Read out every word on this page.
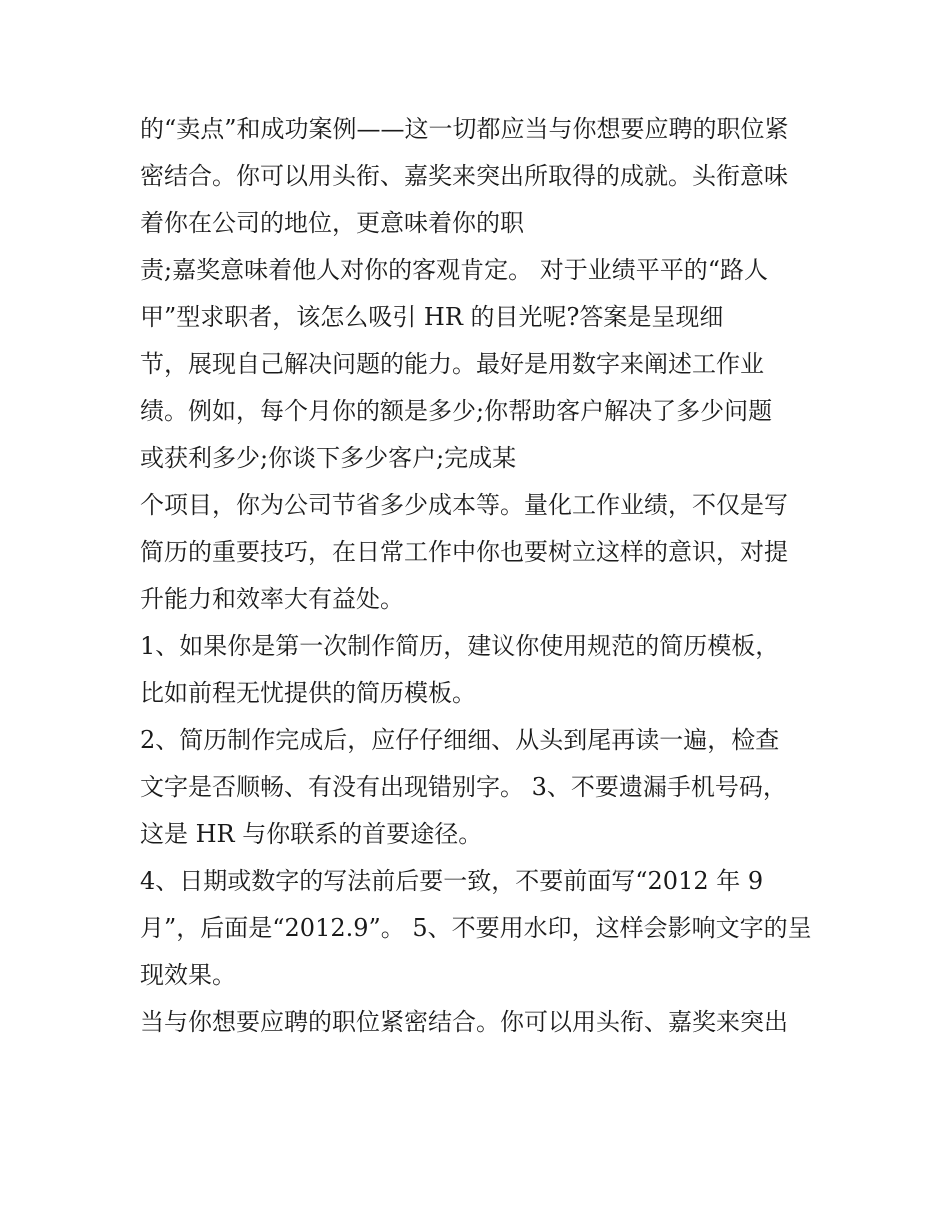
的“卖点”和成功案例——这一切都应当与你想要应聘的职位紧
密结合。你可以用头衔、嘉奖来突出所取得的成就。头衔意味
着你在公司的地位，更意味着你的职
责;嘉奖意味着他人对你的客观肯定。 对于业绩平平的“路人
甲”型求职者，该怎么吸引 HR 的目光呢?答案是呈现细
节，展现自己解决问题的能力。最好是用数字来阐述工作业
绩。例如，每个月你的额是多少;你帮助客户解决了多少问题
或获利多少;你谈下多少客户;完成某
个项目，你为公司节省多少成本等。量化工作业绩，不仅是写
简历的重要技巧，在日常工作中你也要树立这样的意识，对提
升能力和效率大有益处。
1、如果你是第一次制作简历，建议你使用规范的简历模板，
比如前程无忧提供的简历模板。
2、简历制作完成后，应仔仔细细、从头到尾再读一遍，检查
文字是否顺畅、有没有出现错别字。 3、不要遗漏手机号码，
这是 HR 与你联系的首要途径。
4、日期或数字的写法前后要一致，不要前面写“2012 年 9
月”，后面是“2012.9”。 5、不要用水印，这样会影响文字的呈
现效果。
当与你想要应聘的职位紧密结合。你可以用头衔、嘉奖来突出
